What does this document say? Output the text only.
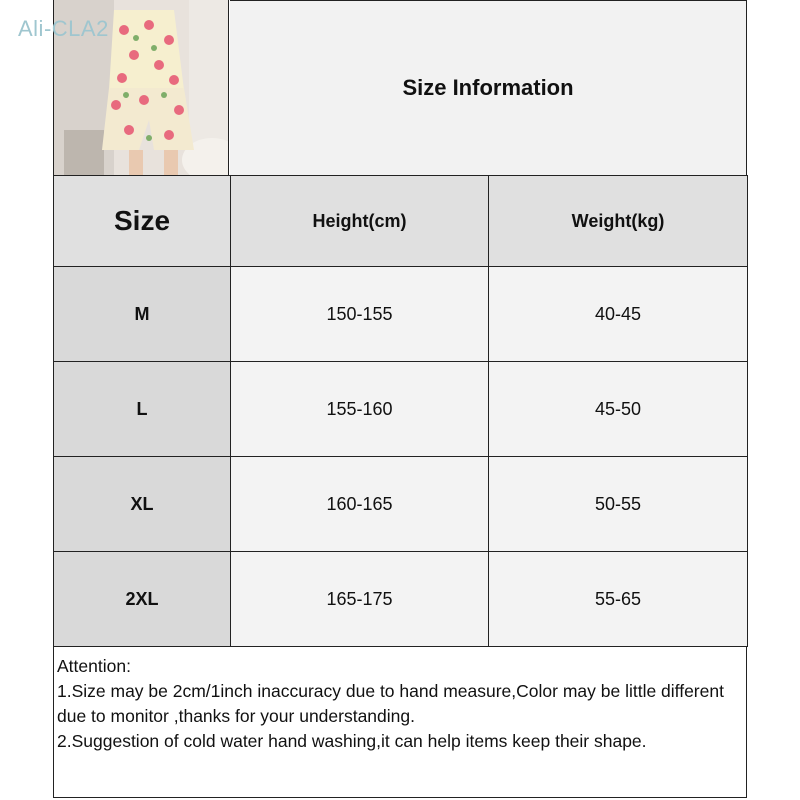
Ali-CLA2
Size Information
Size	Height(cm)	Weight(kg)
M	150-155	40-45
L	155-160	45-50
XL	160-165	50-55
2XL	165-175	55-65

Attention:

1.Size may be 2cm/1inch inaccuracy due to hand measure,Color may be little different due to monitor ,thanks for your understanding.

2.Suggestion of cold water hand washing,it can help items keep their shape.
